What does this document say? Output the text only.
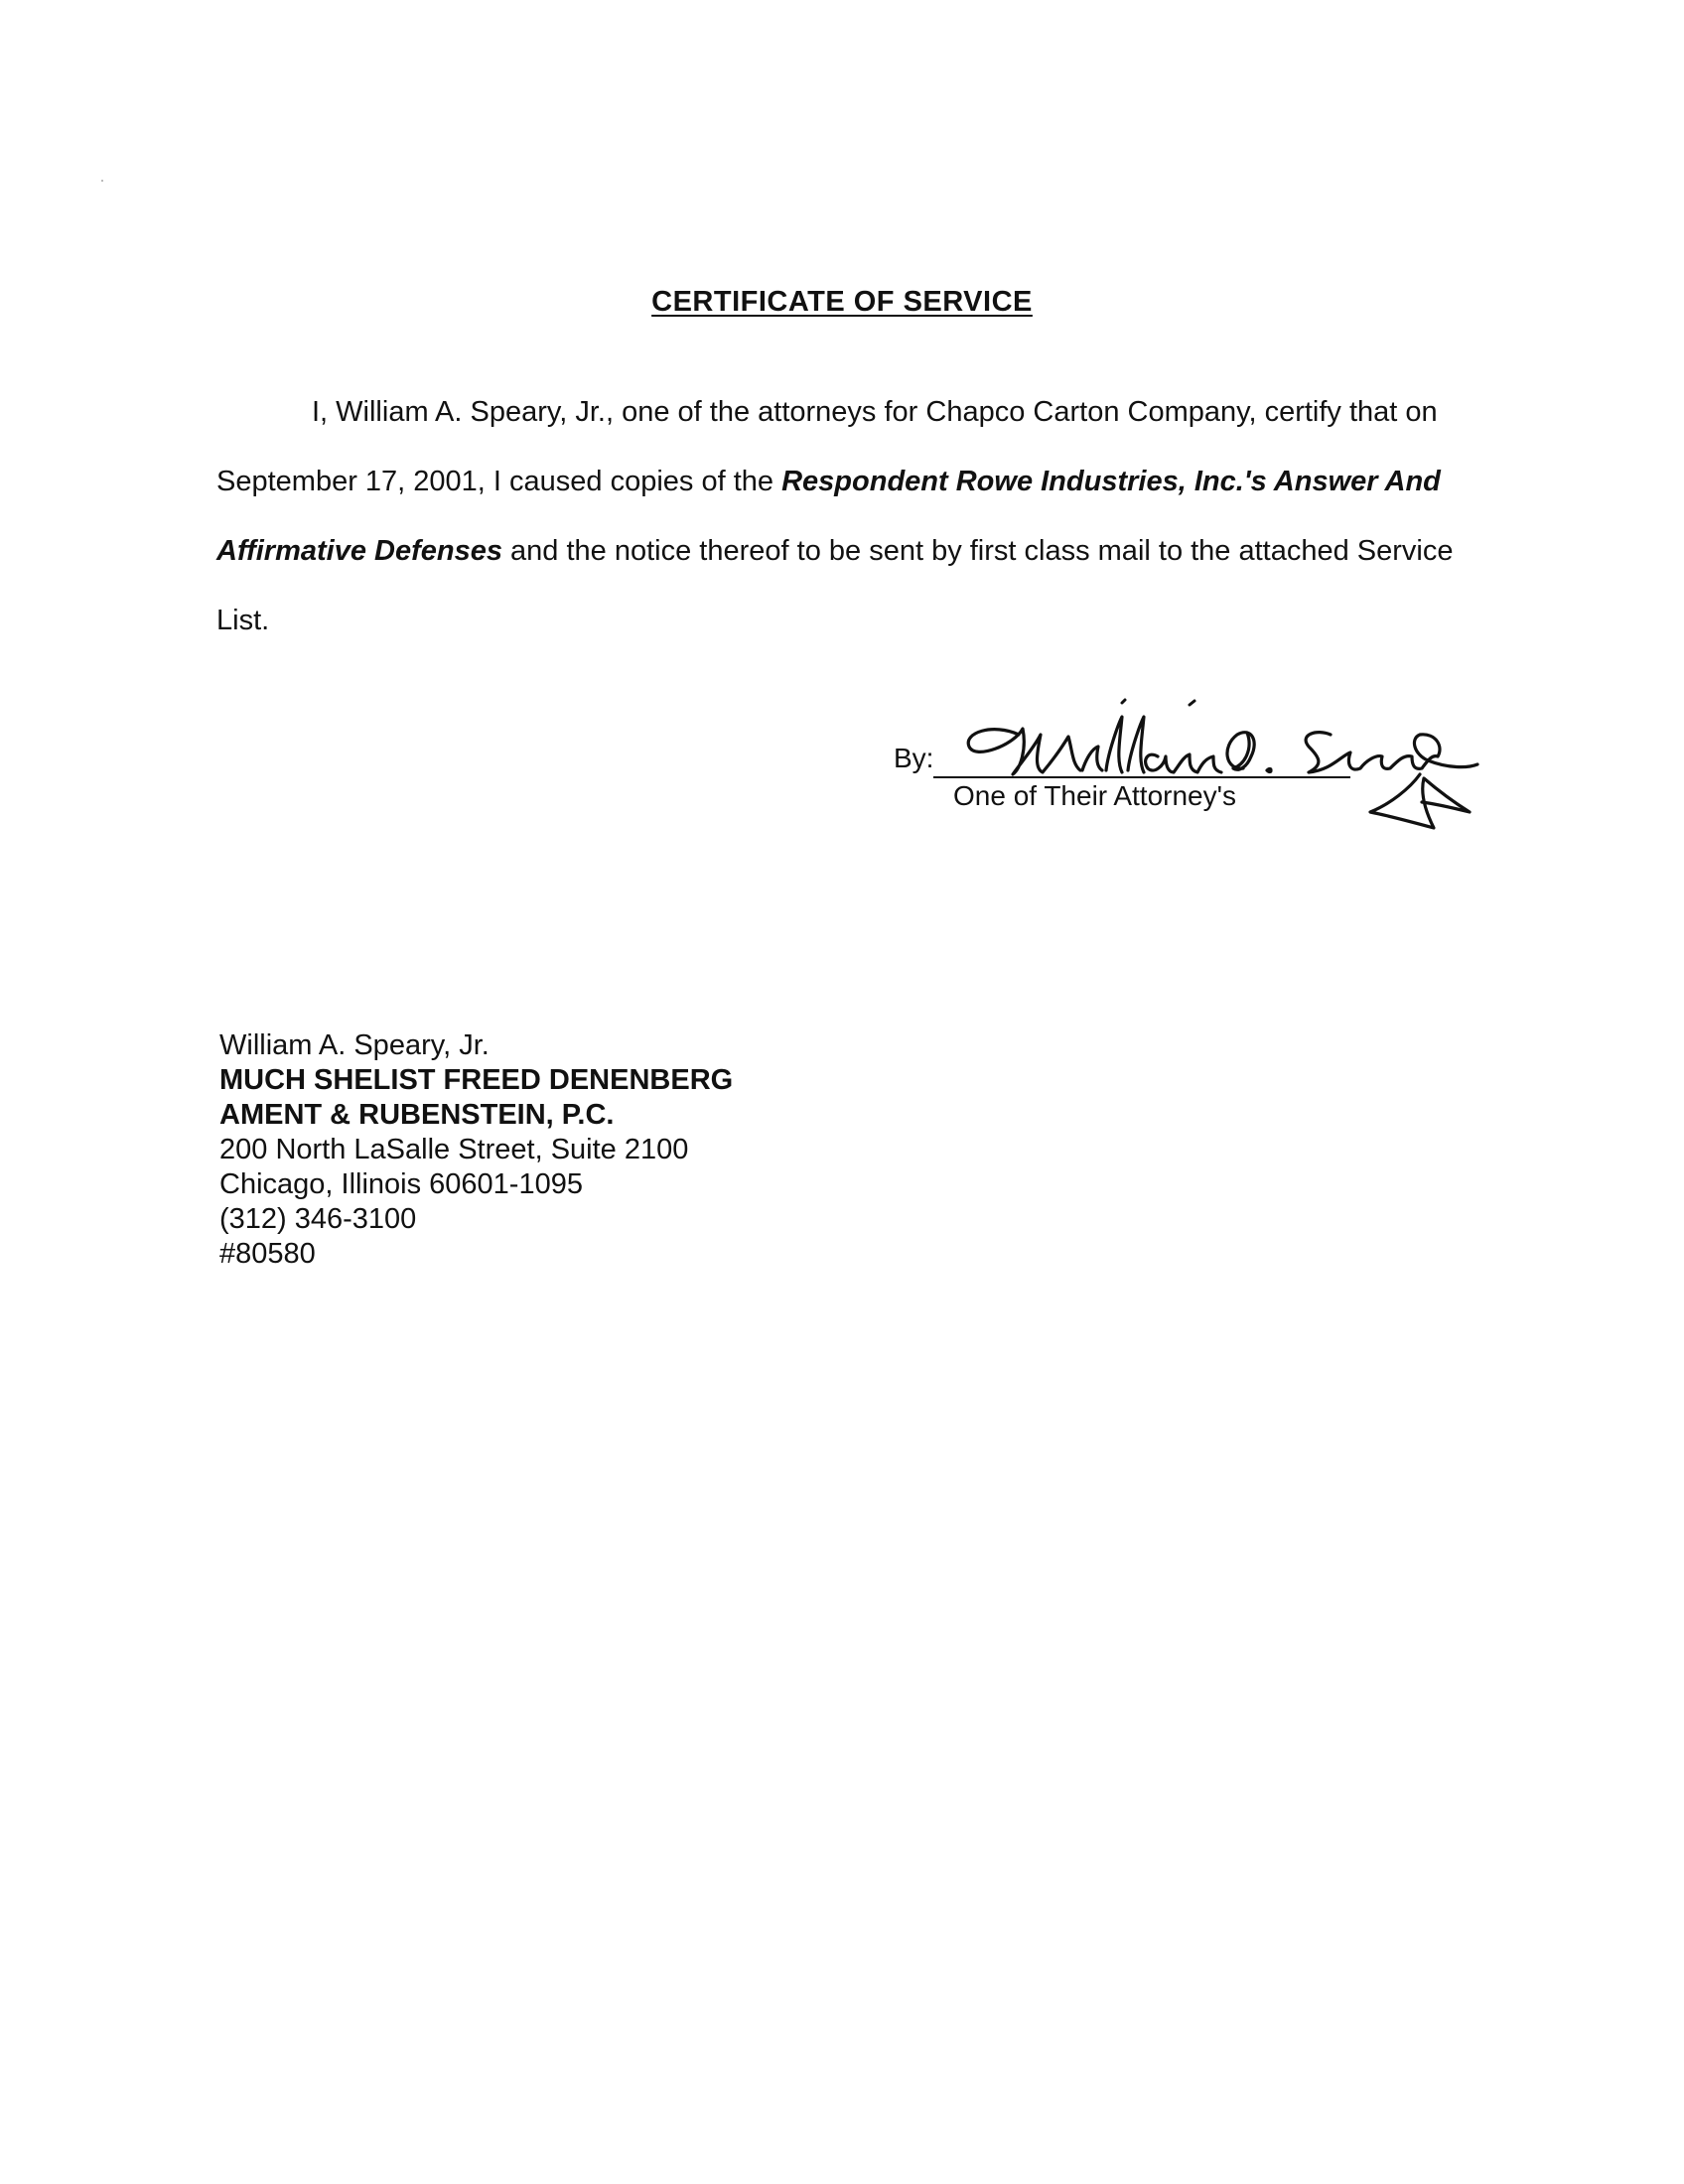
CERTIFICATE OF SERVICE

I, William A. Speary, Jr., one of the attorneys for Chapco Carton Company, certify that on September 17, 2001, I caused copies of the Respondent Rowe Industries, Inc.'s Answer And Affirmative Defenses and the notice thereof to be sent by first class mail to the attached Service List.

By:
One of Their Attorney's
William A. Speary, Jr.
MUCH SHELIST FREED DENENBERG
AMENT & RUBENSTEIN, P.C.
200 North LaSalle Street, Suite 2100
Chicago, Illinois 60601-1095
(312) 346-3100
#80580
